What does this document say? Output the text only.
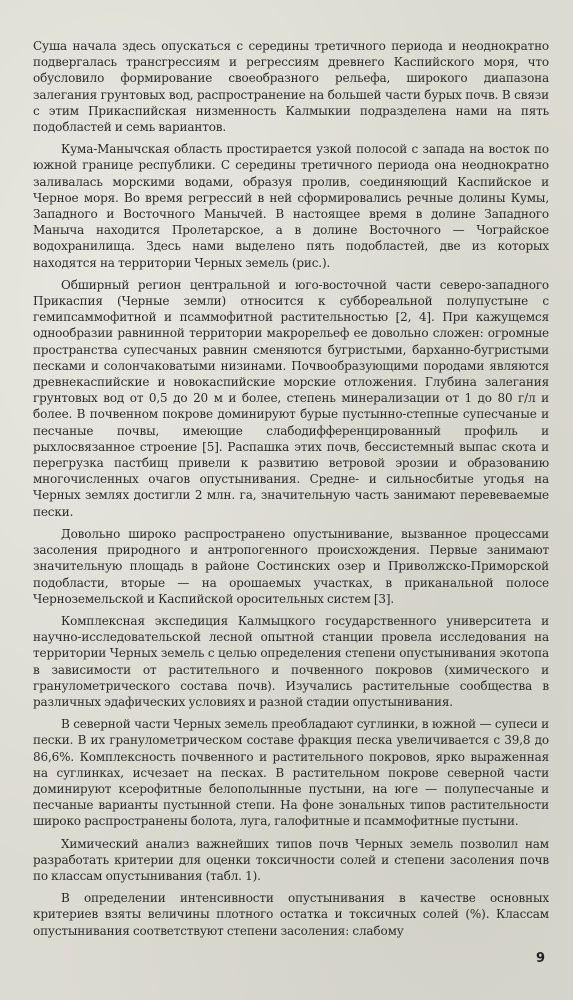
Суша начала здесь опускаться с середины третичного периода и неоднократно подвергалась трансгрессиям и регрессиям древнего Каспийского моря, что обусловило формирование своеобразного рельефа, широкого диапазона залегания грунтовых вод, распространение на большей части бурых почв. В связи с этим Прикаспийская низменность Калмыкии подразделена нами на пять подобластей и семь вариантов.

Кума-Манычская область простирается узкой полосой с запада на восток по южной границе республики. С середины третичного периода она неоднократно заливалась морскими водами, образуя пролив, соединяющий Каспийское и Черное моря. Во время регрессий в ней сформировались речные долины Кумы, Западного и Восточного Манычей. В настоящее время в долине Западного Маныча находится Пролетарское, а в долине Восточного — Чограйское водохранилища. Здесь нами выделено пять подобластей, две из которых находятся на территории Черных земель (рис.).

Обширный регион центральной и юго-восточной части северо-западного Прикаспия (Черные земли) относится к суббореальной полупустыне с гемипсаммофитной и псаммофитной растительностью [2, 4]. При кажущемся однообразии равнинной территории макрорельеф ее довольно сложен: огромные пространства супесчаных равнин сменяются бугристыми, барханно-бугристыми песками и солончаковатыми низинами. Почвообразующими породами являются древнекаспийские и новокаспийские морские отложения. Глубина залегания грунтовых вод от 0,5 до 20 м и более, степень минерализации от 1 до 80 г/л и более. В почвенном покрове доминируют бурые пустынно-степные супесчаные и песчаные почвы, имеющие слабодифференцированный профиль и рыхлосвязанное строение [5]. Распашка этих почв, бессистемный выпас скота и перегрузка пастбищ привели к развитию ветровой эрозии и образованию многочисленных очагов опустынивания. Средне- и сильносбитые угодья на Черных землях достигли 2 млн. га, значительную часть занимают перевеваемые пески.

Довольно широко распространено опустынивание, вызванное процессами засоления природного и антропогенного происхождения. Первые занимают значительную площадь в районе Состинских озер и Приволжско-Приморской подобласти, вторые — на орошаемых участках, в приканальной полосе Черноземельской и Каспийской оросительных систем [3].

Комплексная экспедиция Калмыцкого государственного университета и научно-исследовательской лесной опытной станции провела исследования на территории Черных земель с целью определения степени опустынивания экотопа в зависимости от растительного и почвенного покровов (химического и гранулометрического состава почв). Изучались растительные сообщества в различных эдафических условиях и разной стадии опустынивания.

В северной части Черных земель преобладают суглинки, в южной — супеси и пески. В их гранулометрическом составе фракция песка увеличивается с 39,8 до 86,6%. Комплексность почвенного и растительного покровов, ярко выраженная на суглинках, исчезает на песках. В растительном покрове северной части доминируют ксерофитные белополынные пустыни, на юге — полупесчаные и песчаные варианты пустынной степи. На фоне зональных типов растительности широко распространены болота, луга, галофитные и псаммофитные пустыни.

Химический анализ важнейших типов почв Черных земель позволил нам разработать критерии для оценки токсичности солей и степени засоления почв по классам опустынивания (табл. 1).

В определении интенсивности опустынивания в качестве основных критериев взяты величины плотного остатка и токсичных солей (%). Классам опустынивания соответствуют степени засоления: слабому

9
